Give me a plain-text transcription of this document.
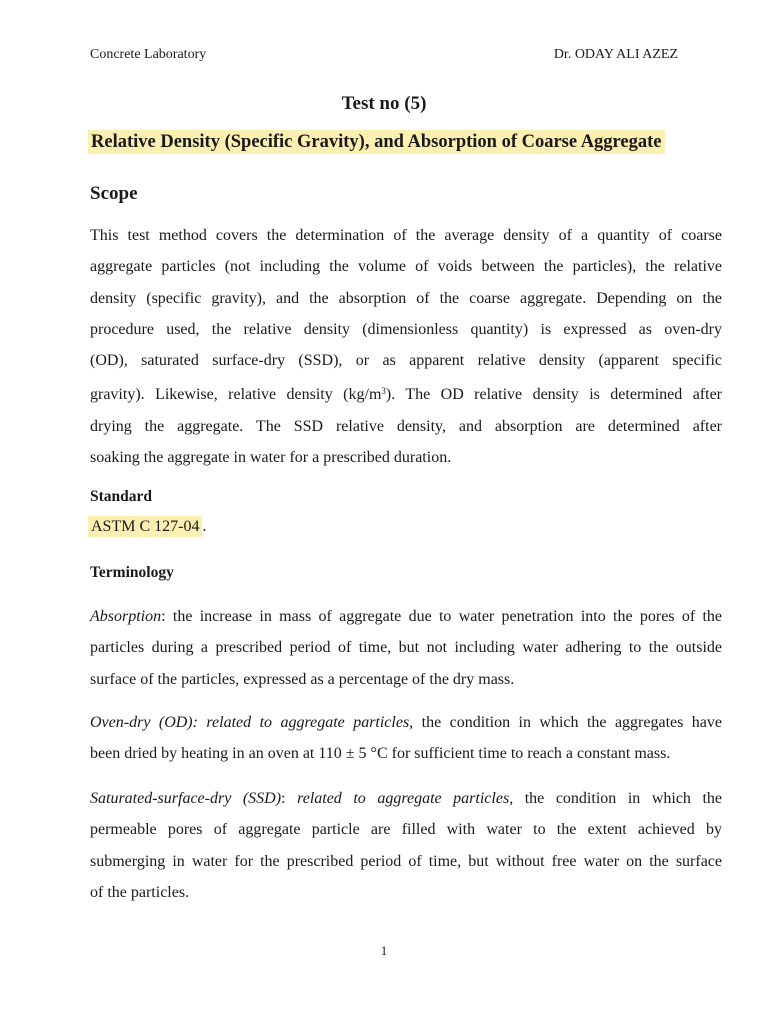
Concrete Laboratory	Dr. ODAY ALI AZEZ
Test no (5)
Relative Density (Specific Gravity), and Absorption of Coarse Aggregate
Scope
This test method covers the determination of the average density of a quantity of coarse
aggregate particles (not including the volume of voids between the particles), the relative
density (specific gravity), and the absorption of the coarse aggregate. Depending on the
procedure used, the relative density (dimensionless quantity) is expressed as oven-dry
(OD), saturated surface-dry (SSD), or as apparent relative density (apparent specific
gravity). Likewise, relative density $(kg/m^3)$. The OD relative density is determined after
drying the aggregate. The SSD relative density, and absorption are determined after
soaking the aggregate in water for a prescribed duration.
Standard
ASTM C 127-04 .
Terminology
Absorption: the increase in mass of aggregate due to water penetration into the pores of the
particles during a prescribed period of time, but not including water adhering to the outside
surface of the particles, expressed as a percentage of the dry mass.
Oven-dry (OD): related to aggregate particles, the condition in which the aggregates have
been dried by heating in an oven at 110 ± 5 °C for sufficient time to reach a constant mass.
Saturated-surface-dry (SSD): related to aggregate particles, the condition in which the
permeable pores of aggregate particle are filled with water to the extent achieved by
submerging in water for the prescribed period of time, but without free water on the surface
of the particles.
1
